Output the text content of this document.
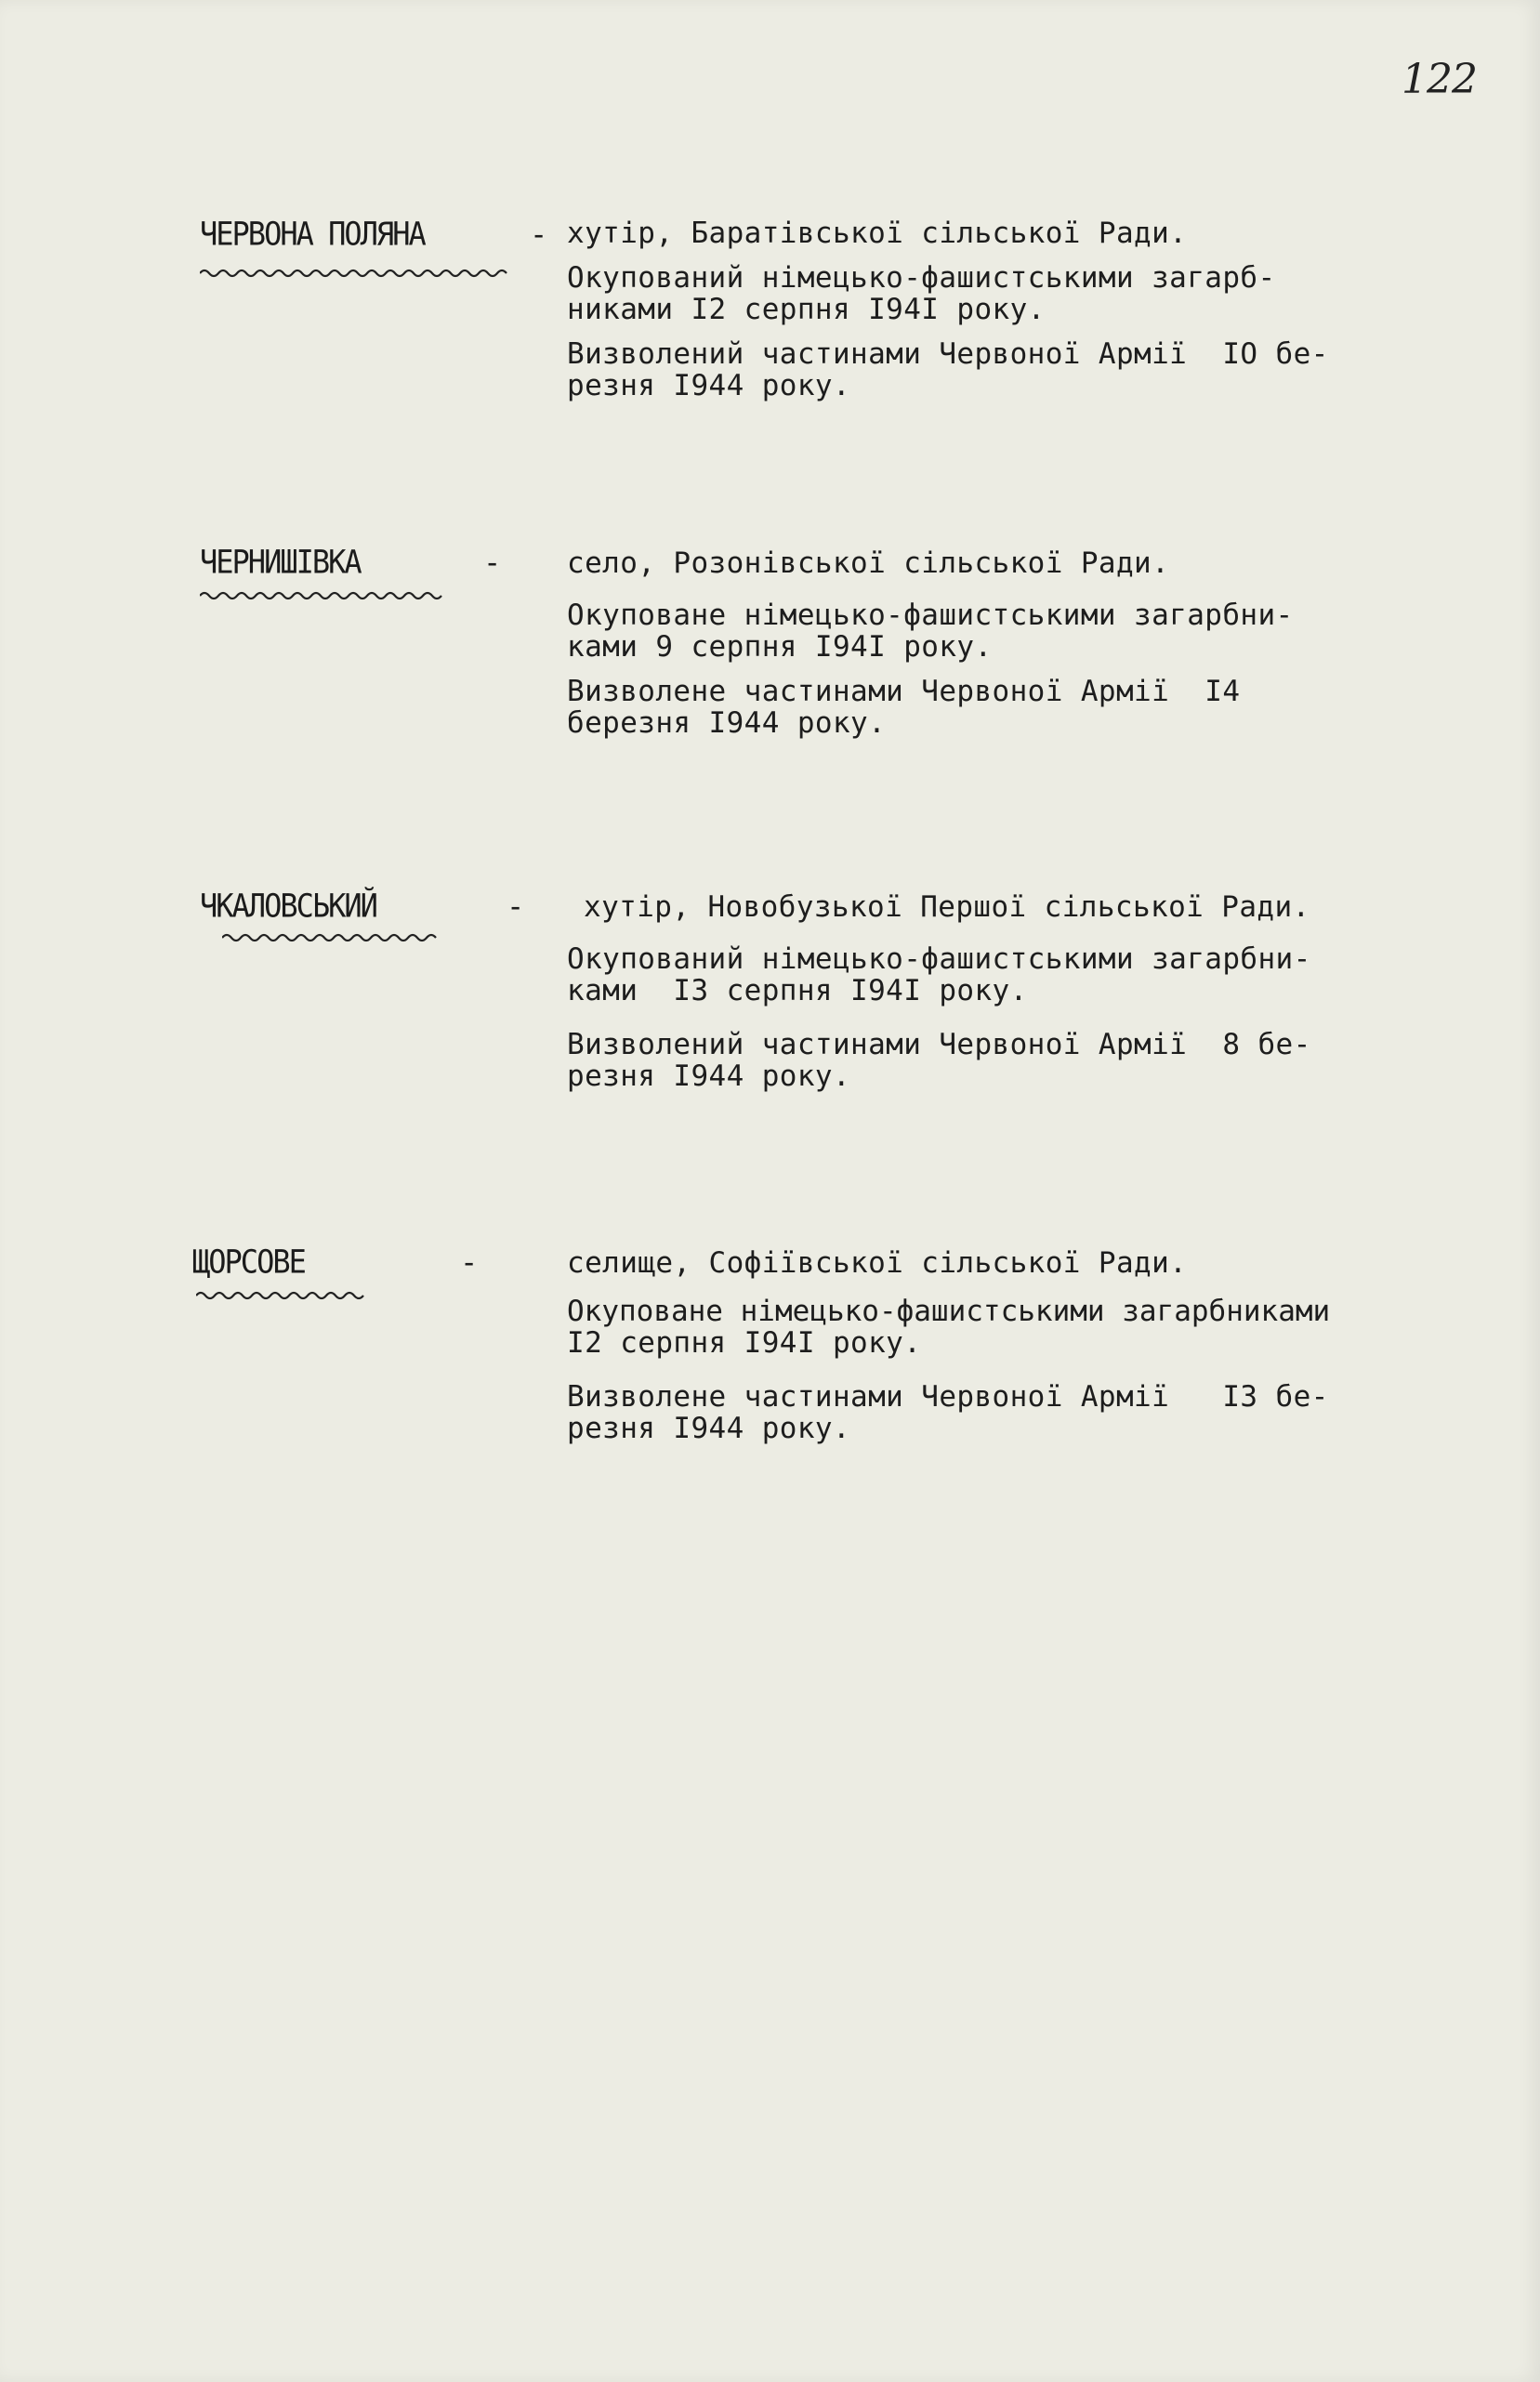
122
ЧЕРВОНА ПОЛЯНА	- хутір, Баратівської сільської Ради.
Окупований німецько-фашистськими загарб-
никами І2 серпня І94І року.
Визволений частинами Червоної Армії  ІО бе-
резня І944 року.
ЧЕРНИШІВКА	- село, Розонівської сільської Ради.
Окуповане німецько-фашистськими загарбни-
ками 9 серпня І94І року.
Визволене частинами Червоної Армії  І4
березня І944 року.
ЧКАЛОВСЬКИЙ	- хутір, Новобузької Першої сільської Ради.
Окупований німецько-фашистськими загарбни-
ками  ІЗ серпня І94І року.
Визволений частинами Червоної Армії  8 бе-
резня І944 року.
ЩОРСОВЕ	-	селище, Софіївської сільської Ради.
Окуповане німецько-фашистськими загарбниками
І2 серпня І94І року.
Визволене частинами Червоної Армії   ІЗ бе-
резня І944 року.
